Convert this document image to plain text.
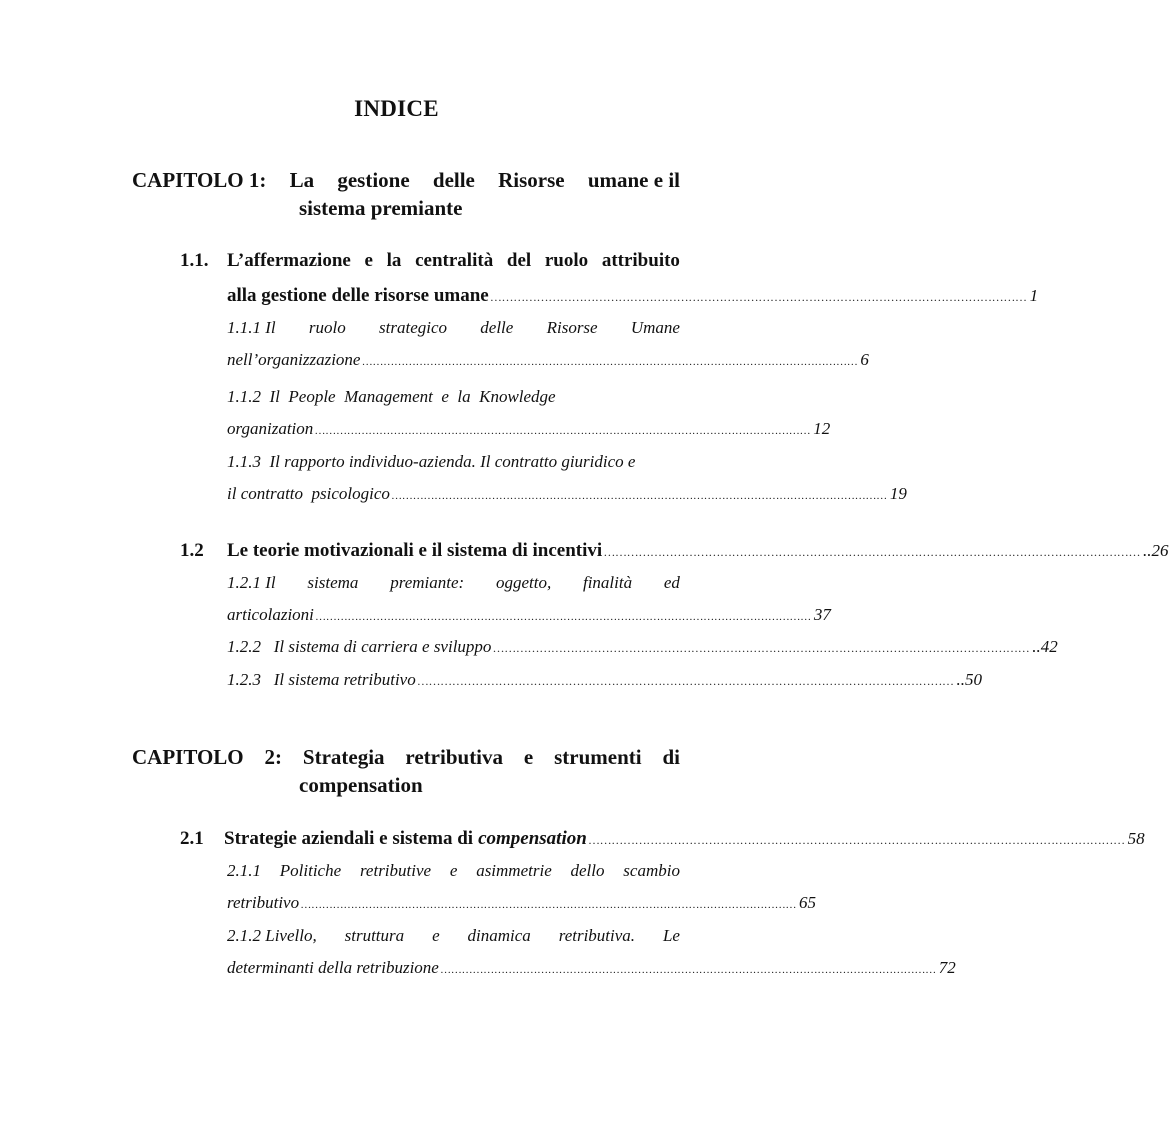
INDICE
CAPITOLO 1: La gestione delle Risorse umane e il
sistema premiante
1.1. L’affermazione e la centralità del ruolo attribuito
alla gestione delle risorse umane ………………………………………………………………………………………………………………………… 1
1.1.1 Il ruolo strategico delle Risorse Umane
nell’organizzazione ………………………………………………………………………………………………………………………… 6
1.1.2  Il  People  Management  e  la  Knowledge
organization ………………………………………………………………………………………………………………………… 12
1.1.3  Il rapporto individuo-azienda. Il contratto giuridico e
il contratto  psicologico ………………………………………………………………………………………………………………………… 19
1.2	Le teorie motivazionali e il sistema di incentivi ………………………………………………………………………………………………………………………… ..26
1.2.1 Il sistema premiante: oggetto, finalità ed
articolazioni ………………………………………………………………………………………………………………………… 37
1.2.2   Il sistema di carriera e sviluppo ………………………………………………………………………………………………………………………… ..42
1.2.3   Il sistema retributivo ………………………………………………………………………………………………………………………… ..50
CAPITOLO 2: Strategia retributiva e strumenti di
compensation
2.1	Strategie aziendali e sistema di compensation ………………………………………………………………………………………………………………………… 58
2.1.1 Politiche retributive e asimmetrie dello scambio
retributivo ………………………………………………………………………………………………………………………… 65
2.1.2 Livello, struttura e dinamica retributiva. Le
determinanti della retribuzione ………………………………………………………………………………………………………………………… 72
